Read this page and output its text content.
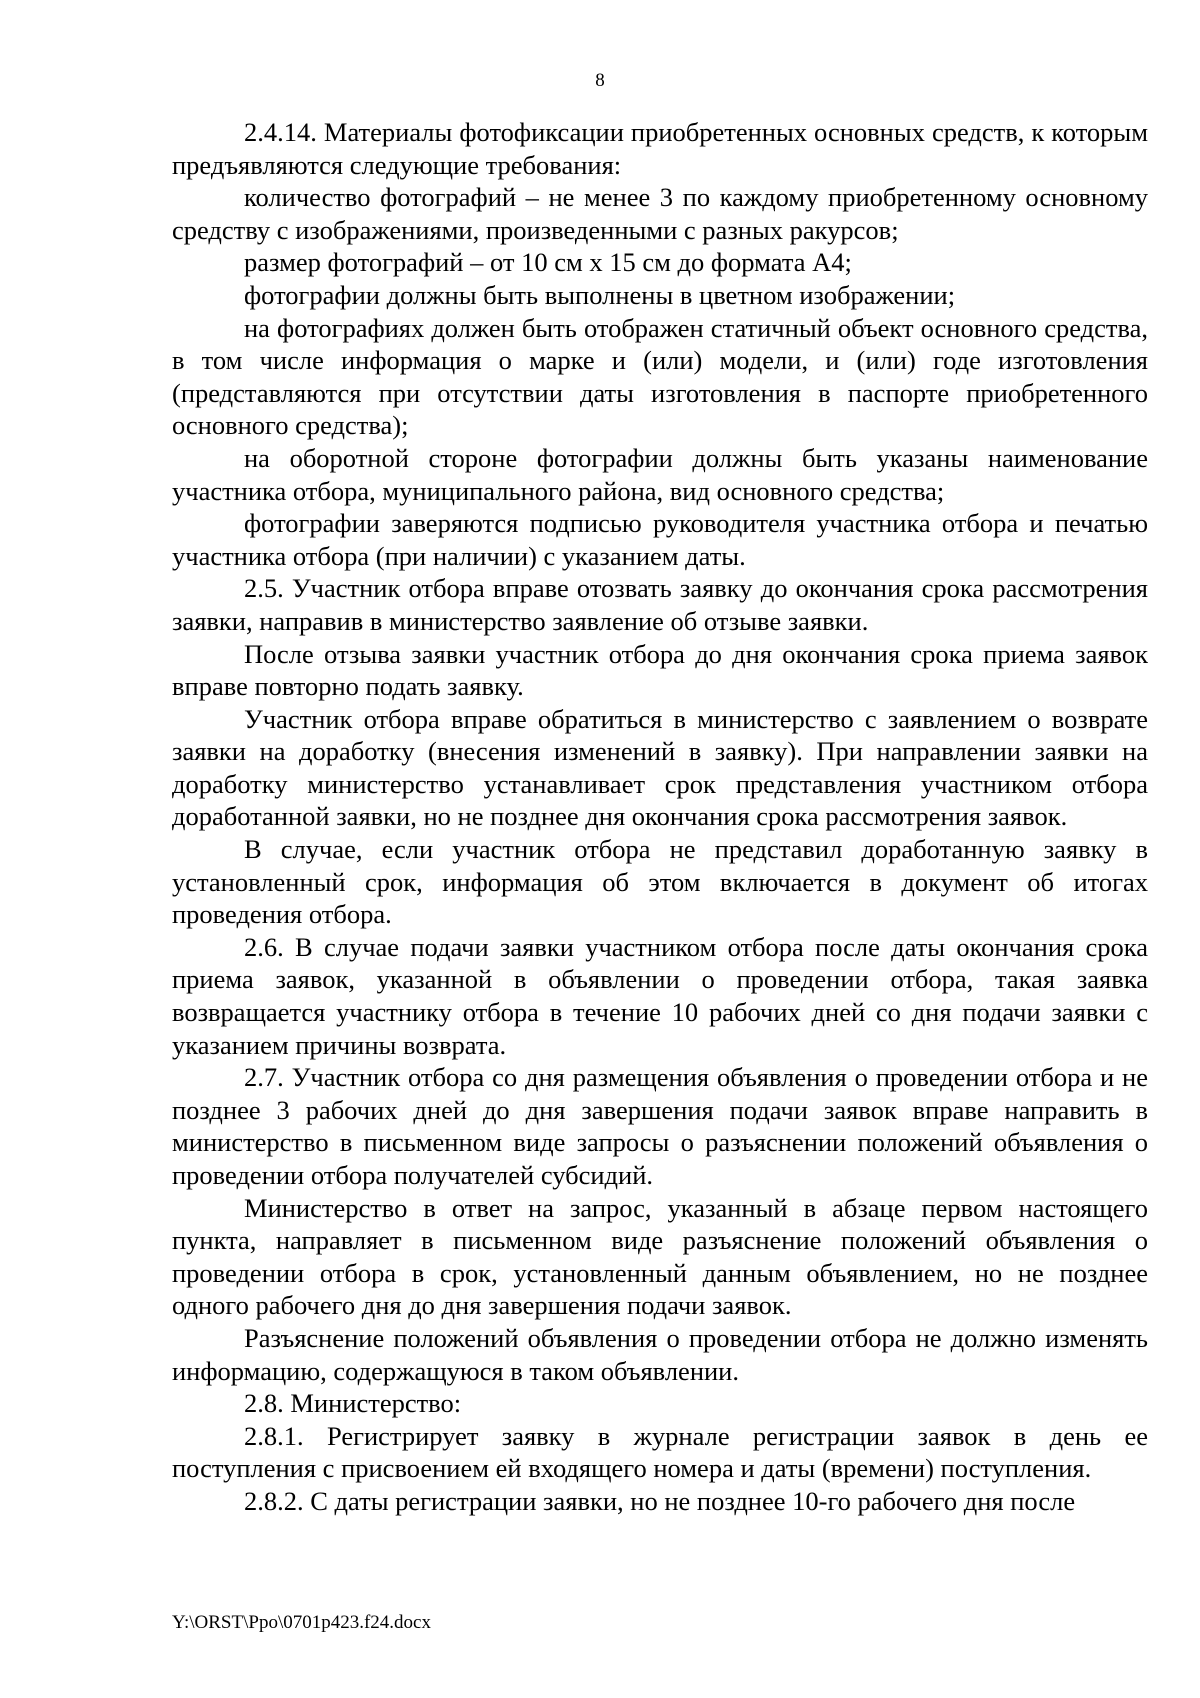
8

2.4.14. Материалы фотофиксации приобретенных основных средств, к которым предъявляются следующие требования:

количество фотографий – не менее 3 по каждому приобретенному основному средству с изображениями, произведенными с разных ракурсов;

размер фотографий – от 10 см х 15 см до формата А4;

фотографии должны быть выполнены в цветном изображении;

на фотографиях должен быть отображен статичный объект основного средства, в том числе информация о марке и (или) модели, и (или) годе изготовления (представляются при отсутствии даты изготовления в паспорте приобретенного основного средства);

на оборотной стороне фотографии должны быть указаны наименование участника отбора, муниципального района, вид основного средства;

фотографии заверяются подписью руководителя участника отбора и печатью участника отбора (при наличии) с указанием даты.

2.5. Участник отбора вправе отозвать заявку до окончания срока рассмотрения заявки, направив в министерство заявление об отзыве заявки.

После отзыва заявки участник отбора до дня окончания срока приема заявок вправе повторно подать заявку.

Участник отбора вправе обратиться в министерство с заявлением о возврате заявки на доработку (внесения изменений в заявку). При направлении заявки на доработку министерство устанавливает срок представления участником отбора доработанной заявки, но не позднее дня окончания срока рассмотрения заявок.

В случае, если участник отбора не представил доработанную заявку в установленный срок, информация об этом включается в документ об итогах проведения отбора.

2.6. В случае подачи заявки участником отбора после даты окончания срока приема заявок, указанной в объявлении о проведении отбора, такая заявка возвращается участнику отбора в течение 10 рабочих дней со дня подачи заявки с указанием причины возврата.

2.7. Участник отбора со дня размещения объявления о проведении отбора и не позднее 3 рабочих дней до дня завершения подачи заявок вправе направить в министерство в письменном виде запросы о разъяснении положений объявления о проведении отбора получателей субсидий.

Министерство в ответ на запрос, указанный в абзаце первом настоящего пункта, направляет в письменном виде разъяснение положений объявления о проведении отбора в срок, установленный данным объявлением, но не позднее одного рабочего дня до дня завершения подачи заявок.

Разъяснение положений объявления о проведении отбора не должно изменять информацию, содержащуюся в таком объявлении.

2.8. Министерство:

2.8.1. Регистрирует заявку в журнале регистрации заявок в день ее поступления с присвоением ей входящего номера и даты (времени) поступления.

2.8.2. С даты регистрации заявки, но не позднее 10-го рабочего дня после

Y:\ORST\Ppo\0701p423.f24.docx
